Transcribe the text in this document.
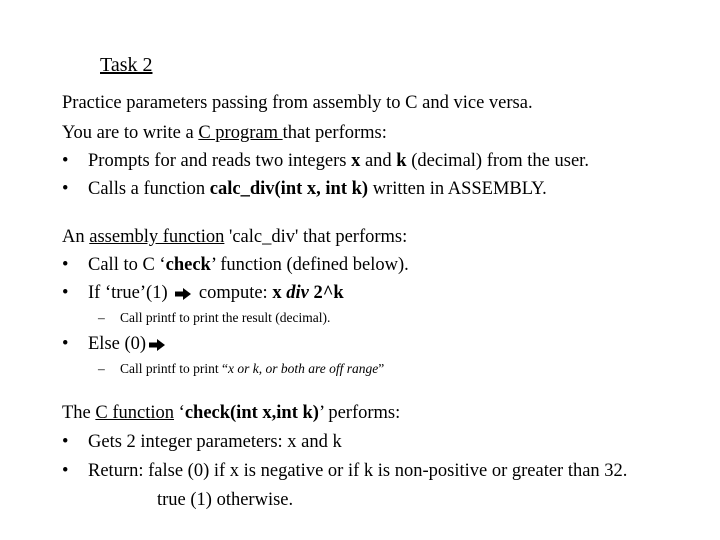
Task 2
Practice parameters passing from assembly to C and vice versa.
You are to write a C program that performs:
• Prompts for and reads two integers x and k (decimal) from the user.
• Calls a function calc_div(int x, int k) written in ASSEMBLY.
An assembly function 'calc_div' that performs:
• Call to C ‘check’ function (defined below).
• If ‘true’(1)  compute: x div 2^k
– Call printf to print the result (decimal).
• Else (0)
– Call printf to print “x or k, or both are off range”
The C function ‘check(int x,int k)’ performs:
• Gets 2 integer parameters: x and k
• Return: false (0) if x is negative or if k is non-positive or greater than 32.
true (1) otherwise.
